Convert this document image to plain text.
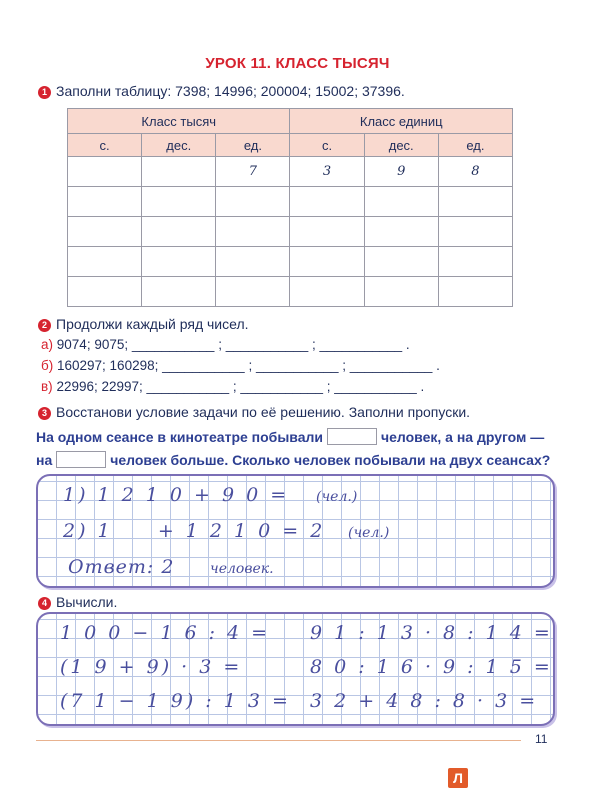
УРОК 11. КЛАСС ТЫСЯЧ
1 Заполни таблицу: 7398; 14996; 200004; 15002; 37396.
Класс тысяч			Класс единиц		
с.	дес.	ед.	с.	дес.	ед.
		7	3	9	8

2 Продолжи каждый ряд чисел.
а) 9074; 9075; ___________ ; ___________ ; ___________ .
б) 160297; 160298; ___________ ; ___________ ; ___________ .
в) 22996; 22997; ___________ ; ___________ ; ___________ .
3 Восстанови условие задачи по её решению. Заполни пропуски.
На одном сеансе в кинотеатре побывали	человек, а на другом —
на	человек больше. Сколько человек побывали на двух сеансах?
1) 1 2 1 0 + 9 0 = (чел.)
2) 1     + 1 2 1 0 = 2 (чел.)
Ответ: 2	человек.
4 Вычисли.
1 0 0 − 1 6 : 4 =
(1 9 + 9) · 3 =
(7 1 − 1 9) : 1 3 =
9 1 : 1 3 · 8 : 1 4 =
8 0 : 1 6 · 9 : 1 5 =
3 2 + 4 8 : 8 · 3 =
11
Л
